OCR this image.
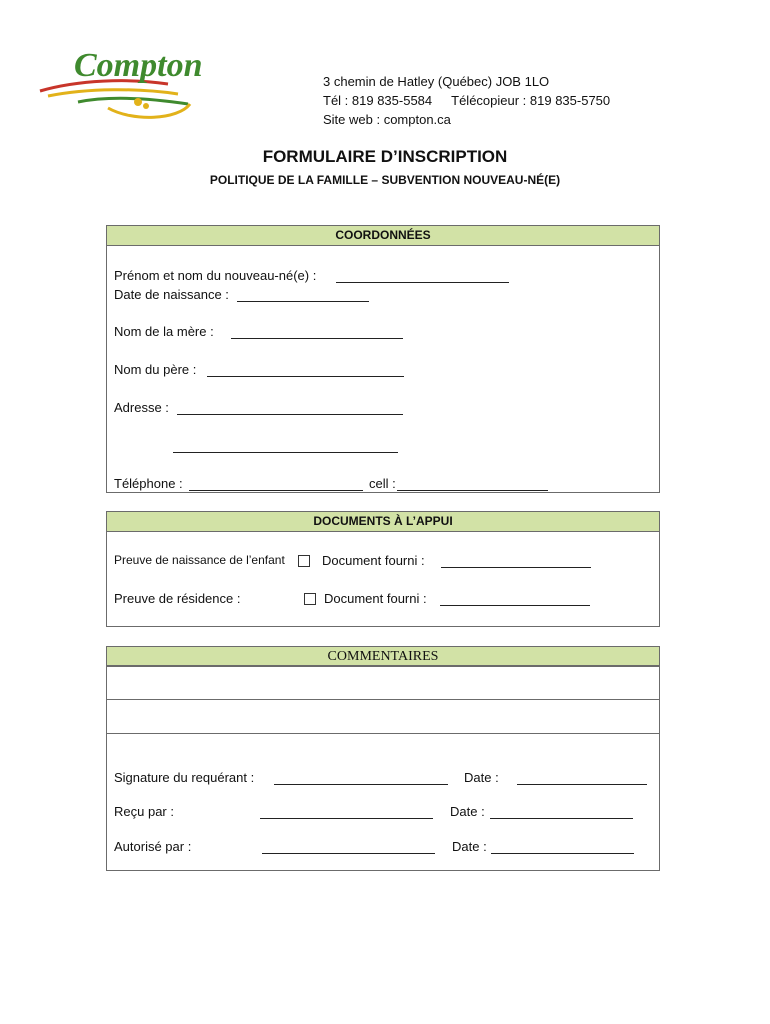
Compton	3 chemin de Hatley (Québec) JOB 1LO
Tél : 819 835-5584 Télécopieur : 819 835-5750
Site web : compton.ca
FORMULAIRE D’INSCRIPTION
POLITIQUE DE LA FAMILLE – SUBVENTION NOUVEAU-NÉ(E)
COORDONNÉES
Prénom et nom du nouveau-né(e) :
Date de naissance :
Nom de la mère :
Nom du père :
Adresse :
Téléphone :	cell :
DOCUMENTS À L’APPUI
Preuve de naissance de l’enfant	Document fourni :
Preuve de résidence :	Document fourni :
COMMENTAIRES
Signature du requérant :	Date :
Reçu par :	Date :
Autorisé par :	Date :
